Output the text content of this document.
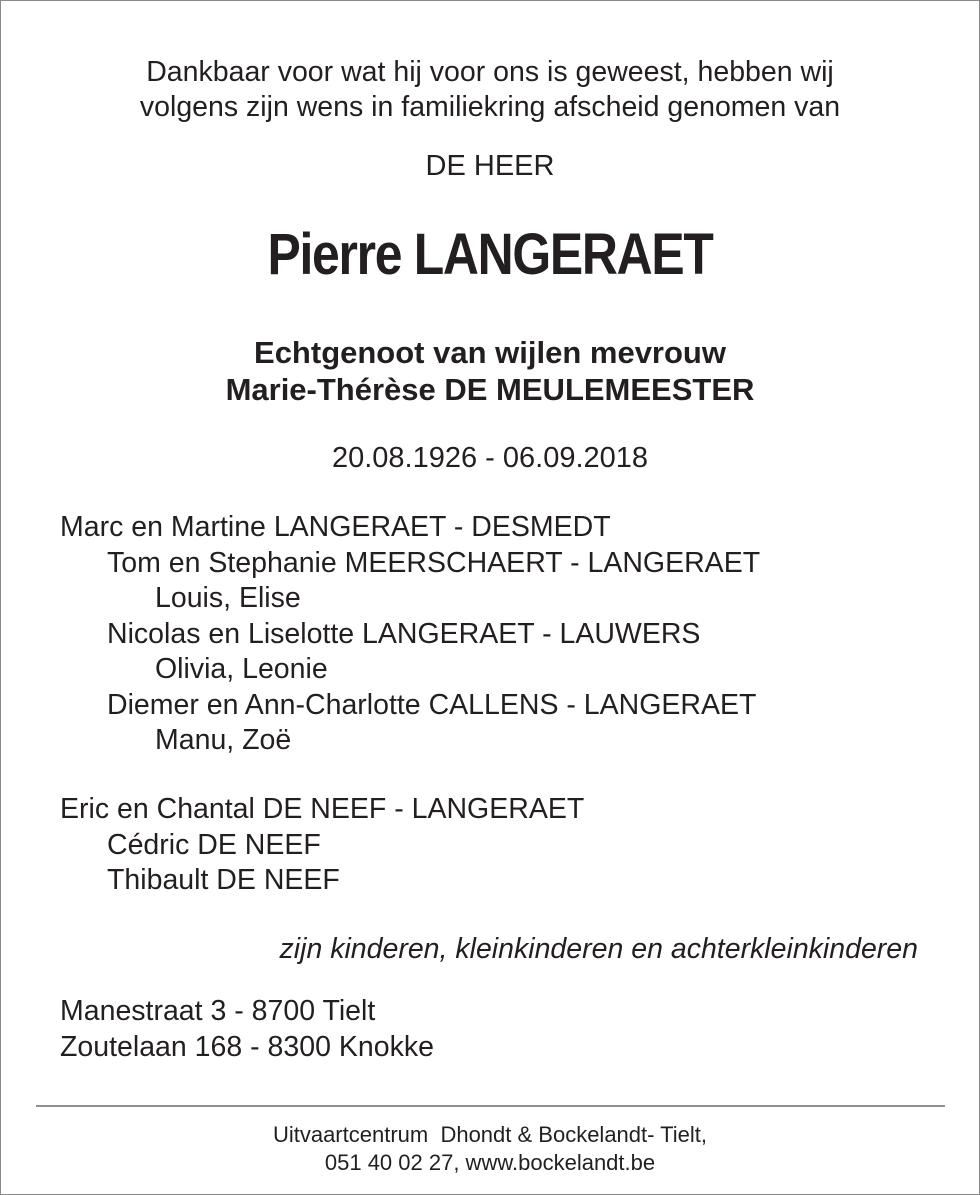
Dankbaar voor wat hij voor ons is geweest, hebben wij
volgens zijn wens in familiekring afscheid genomen van
DE HEER
Pierre LANGERAET
Echtgenoot van wijlen mevrouw
Marie-Thérèse DE MEULEMEESTER
20.08.1926 - 06.09.2018
Marc en Martine LANGERAET - DESMEDT
Tom en Stephanie MEERSCHAERT - LANGERAET
Louis, Elise
Nicolas en Liselotte LANGERAET - LAUWERS
Olivia, Leonie
Diemer en Ann-Charlotte CALLENS - LANGERAET
Manu, Zoë
Eric en Chantal DE NEEF - LANGERAET
Cédric DE NEEF
Thibault DE NEEF
zijn kinderen, kleinkinderen en achterkleinkinderen
Manestraat 3 - 8700 Tielt
Zoutelaan 168 - 8300 Knokke
Uitvaartcentrum  Dhondt & Bockelandt- Tielt,
051 40 02 27, www.bockelandt.be
